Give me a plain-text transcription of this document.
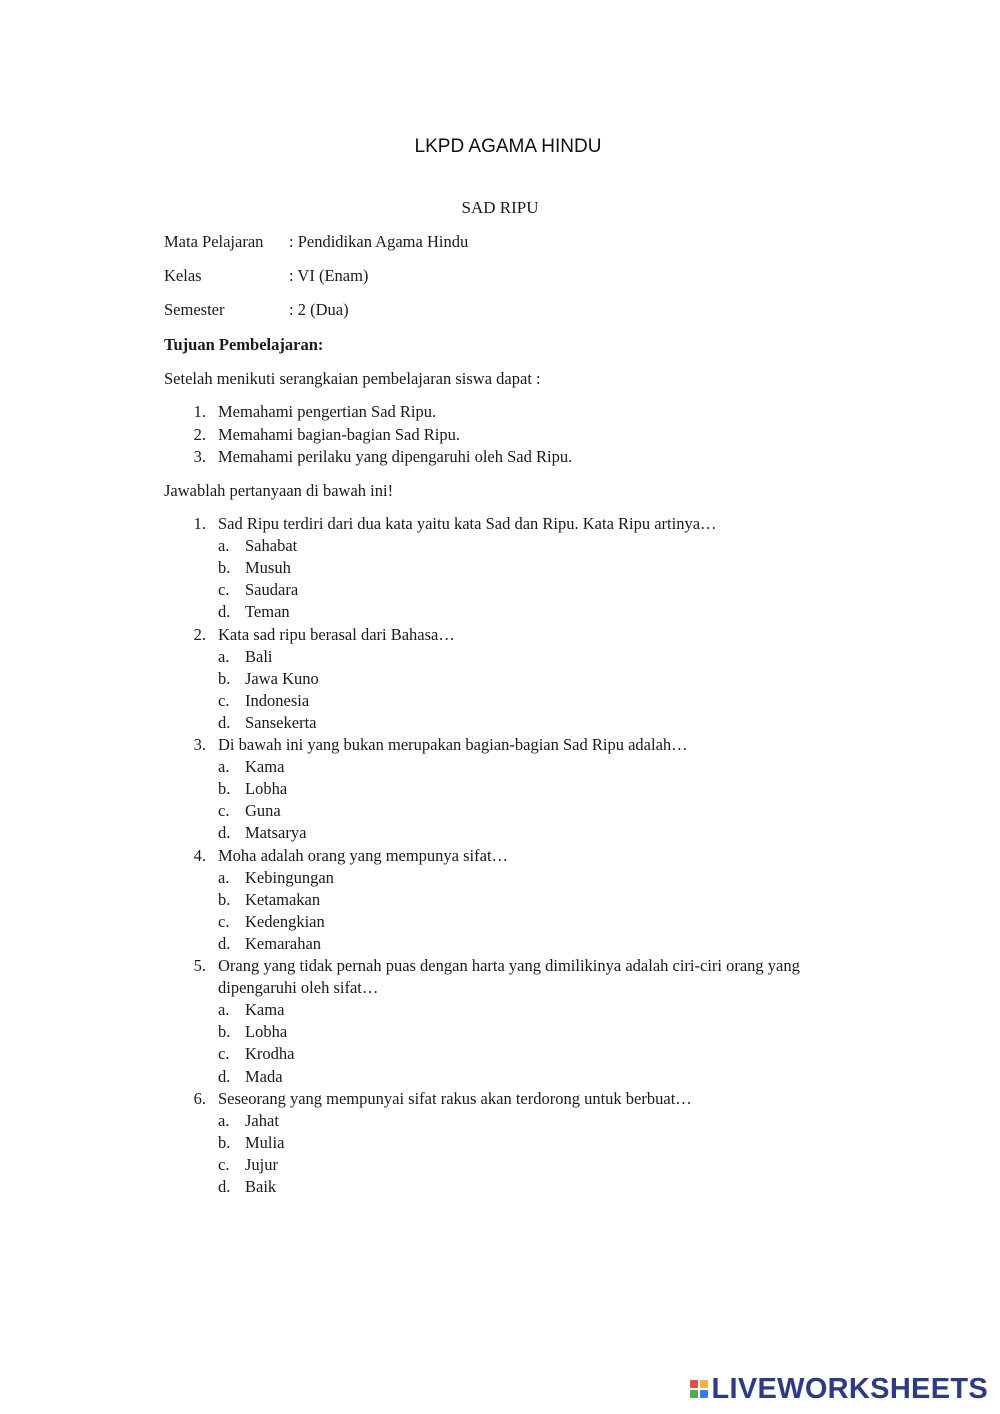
LKPD AGAMA HINDU
SAD RIPU
Mata Pelajaran : Pendidikan Agama Hindu
Kelas	: VI (Enam)
Semester	: 2 (Dua)
Tujuan Pembelajaran:
Setelah menikuti serangkaian pembelajaran siswa dapat :
1. Memahami pengertian Sad Ripu.
2. Memahami bagian-bagian Sad Ripu.
3. Memahami perilaku yang dipengaruhi oleh Sad Ripu.
Jawablah pertanyaan di bawah ini!
1. Sad Ripu terdiri dari dua kata yaitu kata Sad dan Ripu. Kata Ripu artinya…
a. Sahabat
b. Musuh
c. Saudara
d. Teman
2. Kata sad ripu berasal dari Bahasa…
a. Bali
b. Jawa Kuno
c. Indonesia
d. Sansekerta
3. Di bawah ini yang bukan merupakan bagian-bagian Sad Ripu adalah…
a. Kama
b. Lobha
c. Guna
d. Matsarya
4. Moha adalah orang yang mempunya sifat…
a. Kebingungan
b. Ketamakan
c. Kedengkian
d. Kemarahan
5. Orang yang tidak pernah puas dengan harta yang dimilikinya adalah ciri-ciri orang yang
dipengaruhi oleh sifat…
a. Kama
b. Lobha
c. Krodha
d. Mada
6. Seseorang yang mempunyai sifat rakus akan terdorong untuk berbuat…
a. Jahat
b. Mulia
c. Jujur
d. Baik
LIVEWORKSHEETS
